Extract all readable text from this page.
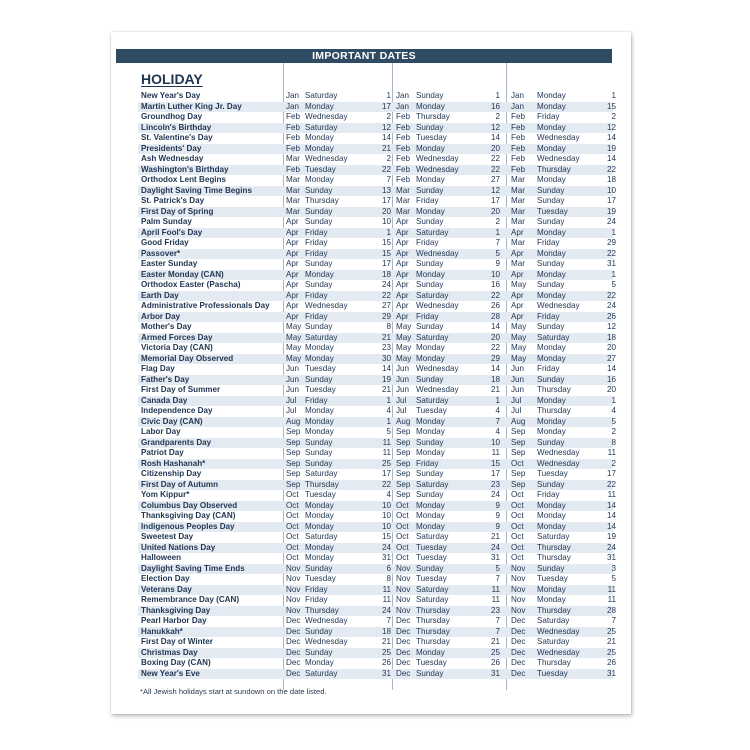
IMPORTANT DATES
HOLIDAY
New Year's Day	Jan Saturday	1 Jan Sunday	1 Jan Monday	1
Martin Luther King Jr. Day	Jan Monday	17 Jan Monday	16 Jan Monday	15
Groundhog Day	Feb Wednesday	2 Feb Thursday	2 Feb Friday	2
Lincoln's Birthday	Feb Saturday	12 Feb Sunday	12 Feb Monday	12
St. Valentine's Day	Feb Monday	14 Feb Tuesday	14 Feb Wednesday	14
Presidents' Day	Feb Monday	21 Feb Monday	20 Feb Monday	19
Ash Wednesday	Mar Wednesday	2 Feb Wednesday	22 Feb Wednesday	14
Washington's Birthday	Feb Tuesday	22 Feb Wednesday	22 Feb Thursday	22
Orthodox Lent Begins	Mar Monday	7 Feb Monday	27 Mar Monday	18
Daylight Saving Time Begins	Mar Sunday	13 Mar Sunday	12 Mar Sunday	10
St. Patrick's Day	Mar Thursday	17 Mar Friday	17 Mar Sunday	17
First Day of Spring	Mar Sunday	20 Mar Monday	20 Mar Tuesday	19
Palm Sunday	Apr Sunday	10 Apr Sunday	2 Mar Sunday	24
April Fool's Day	Apr Friday	1 Apr Saturday	1 Apr Monday	1
Good Friday	Apr Friday	15 Apr Friday	7 Mar Friday	29
Passover*	Apr Friday	15 Apr Wednesday	5 Apr Monday	22
Easter Sunday	Apr Sunday	17 Apr Sunday	9 Mar Sunday	31
Easter Monday (CAN)	Apr Monday	18 Apr Monday	10 Apr Monday	1
Orthodox Easter (Pascha)	Apr Sunday	24 Apr Sunday	16 May Sunday	5
Earth Day	Apr Friday	22 Apr Saturday	22 Apr Monday	22
Administrative Professionals Day Apr Wednesday	27 Apr Wednesday	26 Apr Wednesday	24
Arbor Day	Apr Friday	29 Apr Friday	28 Apr Friday	26
Mother's Day	May Sunday	8 May Sunday	14 May Sunday	12
Armed Forces Day	May Saturday	21 May Saturday	20 May Saturday	18
Victoria Day (CAN)	May Monday	23 May Monday	22 May Monday	20
Memorial Day Observed	May Monday	30 May Monday	29 May Monday	27
Flag Day	Jun Tuesday	14 Jun Wednesday	14 Jun Friday	14
Father's Day	Jun Sunday	19 Jun Sunday	18 Jun Sunday	16
First Day of Summer	Jun Tuesday	21 Jun Wednesday	21 Jun Thursday	20
Canada Day	Jul Friday	1 Jul Saturday	1 Jul Monday	1
Independence Day	Jul Monday	4 Jul Tuesday	4 Jul Thursday	4
Civic Day (CAN)	Aug Monday	1 Aug Monday	7 Aug Monday	5
Labor Day	Sep Monday	5 Sep Monday	4 Sep Monday	2
Grandparents Day	Sep Sunday	11 Sep Sunday	10 Sep Sunday	8
Patriot Day	Sep Sunday	11 Sep Monday	11 Sep Wednesday	11
Rosh Hashanah*	Sep Sunday	25 Sep Friday	15 Oct Wednesday	2
Citizenship Day	Sep Saturday	17 Sep Sunday	17 Sep Tuesday	17
First Day of Autumn	Sep Thursday	22 Sep Saturday	23 Sep Sunday	22
Yom Kippur*	Oct Tuesday	4 Sep Sunday	24 Oct Friday	11
Columbus Day Observed	Oct Monday	10 Oct Monday	9 Oct Monday	14
Thanksgiving Day (CAN)	Oct Monday	10 Oct Monday	9 Oct Monday	14
Indigenous Peoples Day	Oct Monday	10 Oct Monday	9 Oct Monday	14
Sweetest Day	Oct Saturday	15 Oct Saturday	21 Oct Saturday	19
United Nations Day	Oct Monday	24 Oct Tuesday	24 Oct Thursday	24
Halloween	Oct Monday	31 Oct Tuesday	31 Oct Thursday	31
Daylight Saving Time Ends	Nov Sunday	6 Nov Sunday	5 Nov Sunday	3
Election Day	Nov Tuesday	8 Nov Tuesday	7 Nov Tuesday	5
Veterans Day	Nov Friday	11 Nov Saturday	11 Nov Monday	11
Remembrance Day (CAN)	Nov Friday	11 Nov Saturday	11 Nov Monday	11
Thanksgiving Day	Nov Thursday	24 Nov Thursday	23 Nov Thursday	28
Pearl Harbor Day	Dec Wednesday	7 Dec Thursday	7 Dec Saturday	7
Hanukkah*	Dec Sunday	18 Dec Thursday	7 Dec Wednesday	25
First Day of Winter	Dec Wednesday	21 Dec Thursday	21 Dec Saturday	21
Christmas Day	Dec Sunday	25 Dec Monday	25 Dec Wednesday	25
Boxing Day (CAN)	Dec Monday	26 Dec Tuesday	26 Dec Thursday	26
New Year's Eve	Dec Saturday	31 Dec Sunday	31 Dec Tuesday	31
*All Jewish holidays start at sundown on the date listed.
